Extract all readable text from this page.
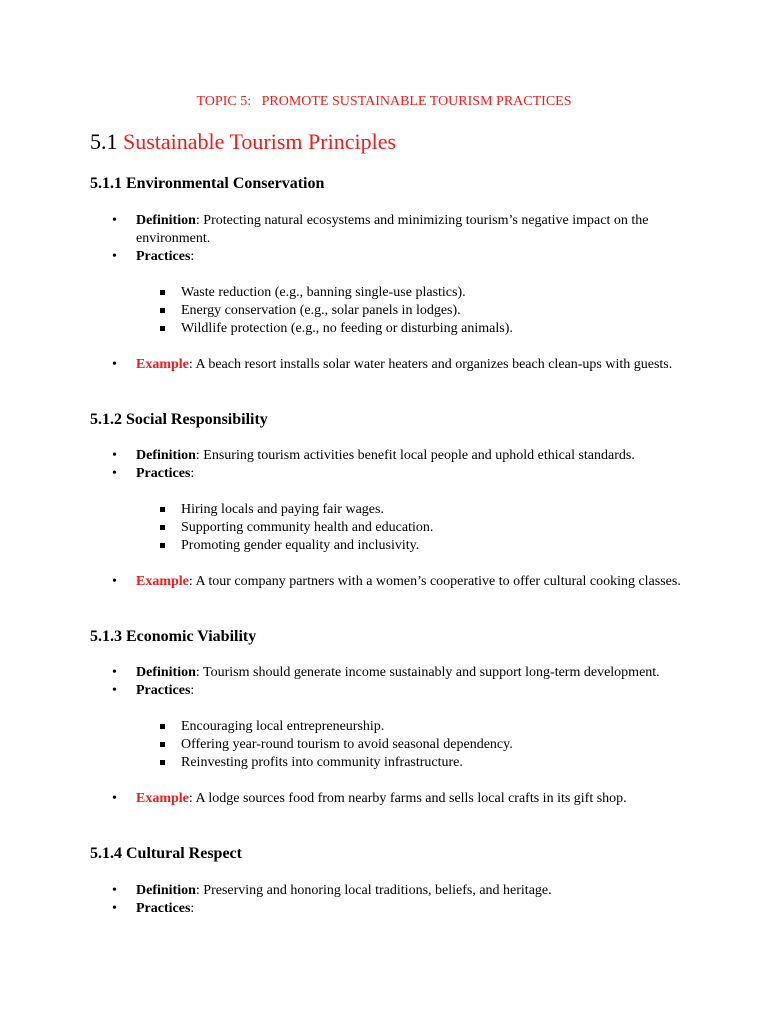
TOPIC 5:   PROMOTE SUSTAINABLE TOURISM PRACTICES
5.1 Sustainable Tourism Principles
5.1.1 Environmental Conservation
• Definition: Protecting natural ecosystems and minimizing tourism’s negative impact on the environment.
• Practices:
Waste reduction (e.g., banning single-use plastics).
Energy conservation (e.g., solar panels in lodges).
Wildlife protection (e.g., no feeding or disturbing animals).
• Example: A beach resort installs solar water heaters and organizes beach clean-ups with guests.
5.1.2 Social Responsibility
• Definition: Ensuring tourism activities benefit local people and uphold ethical standards.
• Practices:
Hiring locals and paying fair wages.
Supporting community health and education.
Promoting gender equality and inclusivity.
• Example: A tour company partners with a women’s cooperative to offer cultural cooking classes.
5.1.3 Economic Viability
• Definition: Tourism should generate income sustainably and support long-term development.
• Practices:
Encouraging local entrepreneurship.
Offering year-round tourism to avoid seasonal dependency.
Reinvesting profits into community infrastructure.
• Example: A lodge sources food from nearby farms and sells local crafts in its gift shop.
5.1.4 Cultural Respect
• Definition: Preserving and honoring local traditions, beliefs, and heritage.
• Practices:
